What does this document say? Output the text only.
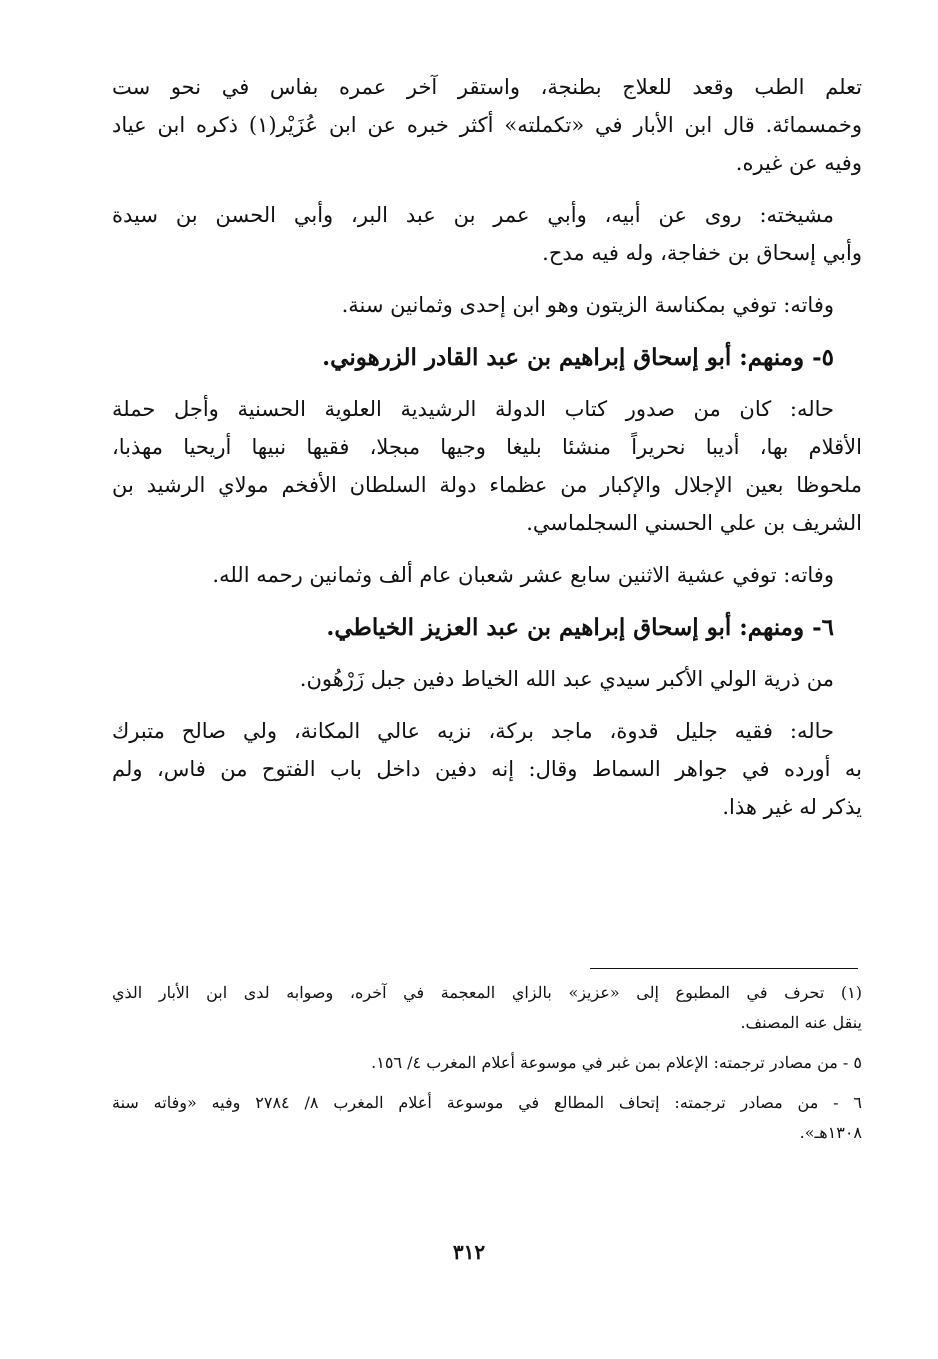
تعلم الطب وقعد للعلاج بطنجة، واستقر آخر عمره بفاس في نحو ست
وخمسمائة. قال ابن الأبار في «تكملته» أكثر خبره عن ابن عُزَيْر(١) ذكره ابن عياد
وفيه عن غيره.
مشيخته: روى عن أبيه، وأبي عمر بن عبد البر، وأبي الحسن بن سيدة
وأبي إسحاق بن خفاجة، وله فيه مدح.
وفاته: توفي بمكناسة الزيتون وهو ابن إحدى وثمانين سنة.
٥- ومنهم: أبو إسحاق إبراهيم بن عبد القادر الزرهوني.
حاله: كان من صدور كتاب الدولة الرشيدية العلوية الحسنية وأجل حملة
الأقلام بها، أديبا نحريراً منشئا بليغا وجيها مبجلا، فقيها نبيها أريحيا مهذبا،
ملحوظا بعين الإجلال والإكبار من عظماء دولة السلطان الأفخم مولاي الرشيد بن
الشريف بن علي الحسني السجلماسي.
وفاته: توفي عشية الاثنين سابع عشر شعبان عام ألف وثمانين رحمه الله.
٦- ومنهم: أبو إسحاق إبراهيم بن عبد العزيز الخياطي.
من ذرية الولي الأكبر سيدي عبد الله الخياط دفين جبل زَرْهُون.
حاله: فقيه جليل قدوة، ماجد بركة، نزيه عالي المكانة، ولي صالح متبرك
به أورده في جواهر السماط وقال: إنه دفين داخل باب الفتوح من فاس، ولم
يذكر له غير هذا.
(١) تحرف في المطبوع إلى «عزيز» بالزاي المعجمة في آخره، وصوابه لدى ابن الأبار الذي
ينقل عنه المصنف.
٥ - من مصادر ترجمته: الإعلام بمن غبر في موسوعة أعلام المغرب ٤/ ١٥٦.
٦ - من مصادر ترجمته: إتحاف المطالع في موسوعة أعلام المغرب ٨/ ٢٧٨٤ وفيه «وفاته سنة
١٣٠٨هـ».
٣١٢
